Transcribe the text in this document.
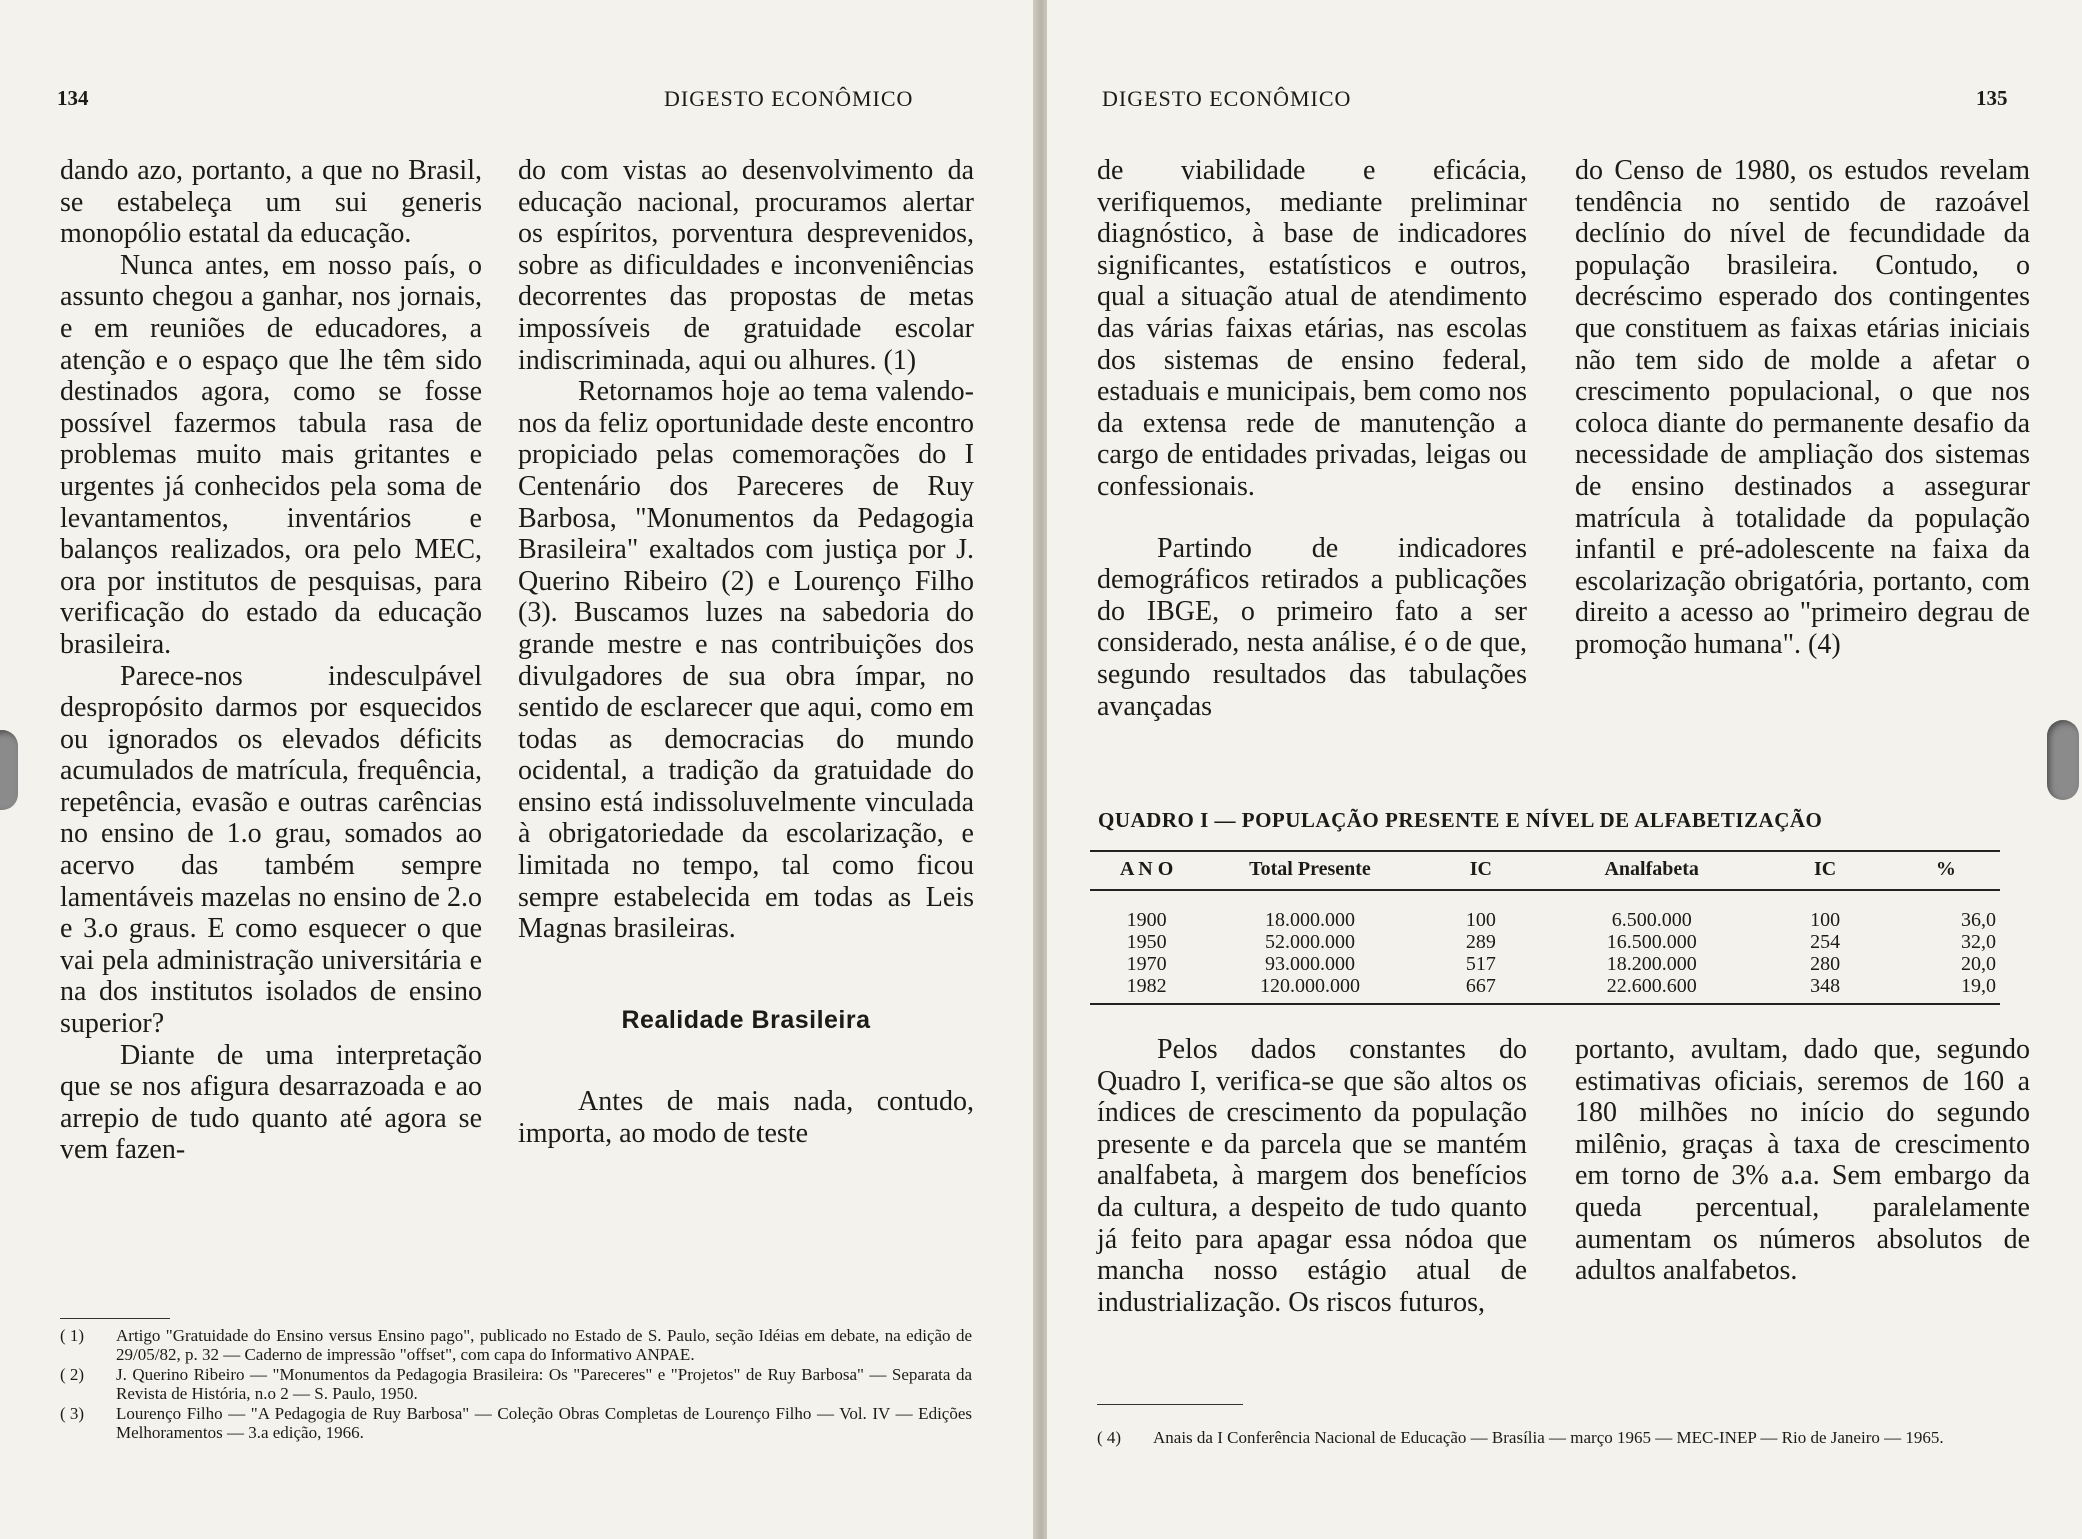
134	DIGESTO ECONÔMICO

dando azo, portanto, a que no Brasil, se estabeleça um sui generis monopólio estatal da educação.

Nunca antes, em nosso país, o assunto chegou a ganhar, nos jornais, e em reuniões de educadores, a atenção e o espaço que lhe têm sido destinados agora, como se fosse possível fazermos tabula rasa de problemas muito mais gritantes e urgentes já conhecidos pela soma de levantamentos, inventários e balanços realizados, ora pelo MEC, ora por institutos de pesquisas, para verificação do estado da educação brasileira.

Parece-nos indesculpável despropósito darmos por esquecidos ou ignorados os elevados déficits acumulados de matrícula, frequência, repetência, evasão e outras carências no ensino de 1.o grau, somados ao acervo das também sempre lamentáveis mazelas no ensino de 2.o e 3.o graus. E como esquecer o que vai pela administração universitária e na dos institutos isolados de ensino superior?

Diante de uma interpretação que se nos afigura desarrazoada e ao arrepio de tudo quanto até agora se vem fazen-

do com vistas ao desenvolvimento da educação nacional, procuramos alertar os espíritos, porventura desprevenidos, sobre as dificuldades e inconveniências decorrentes das propostas de metas impossíveis de gratuidade escolar indiscriminada, aqui ou alhures. (1)

Retornamos hoje ao tema valendo-nos da feliz oportunidade deste encontro propiciado pelas comemorações do I Centenário dos Pareceres de Ruy Barbosa, "Monumentos da Pedagogia Brasileira" exaltados com justiça por J. Querino Ribeiro (2) e Lourenço Filho (3). Buscamos luzes na sabedoria do grande mestre e nas contribuições dos divulgadores de sua obra ímpar, no sentido de esclarecer que aqui, como em todas as democracias do mundo ocidental, a tradição da gratuidade do ensino está indissoluvelmente vinculada à obrigatoriedade da escolarização, e limitada no tempo, tal como ficou sempre estabelecida em todas as Leis Magnas brasileiras.

Realidade Brasileira

Antes de mais nada, contudo, importa, ao modo de teste

( 1) Artigo "Gratuidade do Ensino versus Ensino pago", publicado no Estado de S. Paulo, seção Idéias em debate, na edição de 29/05/82, p. 32 — Caderno de impressão "offset", com capa do Informativo ANPAE.
( 2) J. Querino Ribeiro — "Monumentos da Pedagogia Brasileira: Os "Pareceres" e "Projetos" de Ruy Barbosa" — Separata da Revista de História, n.o 2 — S. Paulo, 1950.
( 3) Lourenço Filho — "A Pedagogia de Ruy Barbosa" — Coleção Obras Completas de Lourenço Filho — Vol. IV — Edições Melhoramentos — 3.a edição, 1966.
DIGESTO ECONÔMICO	135

de viabilidade e eficácia, verifiquemos, mediante preliminar diagnóstico, à base de indicadores significantes, estatísticos e outros, qual a situação atual de atendimento das várias faixas etárias, nas escolas dos sistemas de ensino federal, estaduais e municipais, bem como nos da extensa rede de manutenção a cargo de entidades privadas, leigas ou confessionais.

Partindo de indicadores demográficos retirados a publicações do IBGE, o primeiro fato a ser considerado, nesta análise, é o de que, segundo resultados das tabulações avançadas

do Censo de 1980, os estudos revelam tendência no sentido de razoável declínio do nível de fecundidade da população brasileira. Contudo, o decréscimo esperado dos contingentes que constituem as faixas etárias iniciais não tem sido de molde a afetar o crescimento populacional, o que nos coloca diante do permanente desafio da necessidade de ampliação dos sistemas de ensino destinados a assegurar matrícula à totalidade da população infantil e pré-adolescente na faixa da escolarização obrigatória, portanto, com direito a acesso ao "primeiro degrau de promoção humana". (4)

Pelos dados constantes do Quadro I, verifica-se que são altos os índices de crescimento da população presente e da parcela que se mantém analfabeta, à margem dos benefícios da cultura, a despeito de tudo quanto já feito para apagar essa nódoa que mancha nosso estágio atual de industrialização. Os riscos futuros,

portanto, avultam, dado que, segundo estimativas oficiais, seremos de 160 a 180 milhões no início do segundo milênio, graças à taxa de crescimento em torno de 3% a.a. Sem embargo da queda percentual, paralelamente aumentam os números absolutos de adultos analfabetos.

( 4) Anais da I Conferência Nacional de Educação — Brasília — março 1965 — MEC-INEP — Rio de Janeiro — 1965.
QUADRO I — POPULAÇÃO PRESENTE E NÍVEL DE ALFABETIZAÇÃO
A N O	Total Presente	IC	Analfabeta	IC	%
1900	18.000.000	100	6.500.000	100	36,0
1950	52.000.000	289	16.500.000	254	32,0
1970	93.000.000	517	18.200.000	280	20,0
1982	120.000.000	667	22.600.600	348	19,0
